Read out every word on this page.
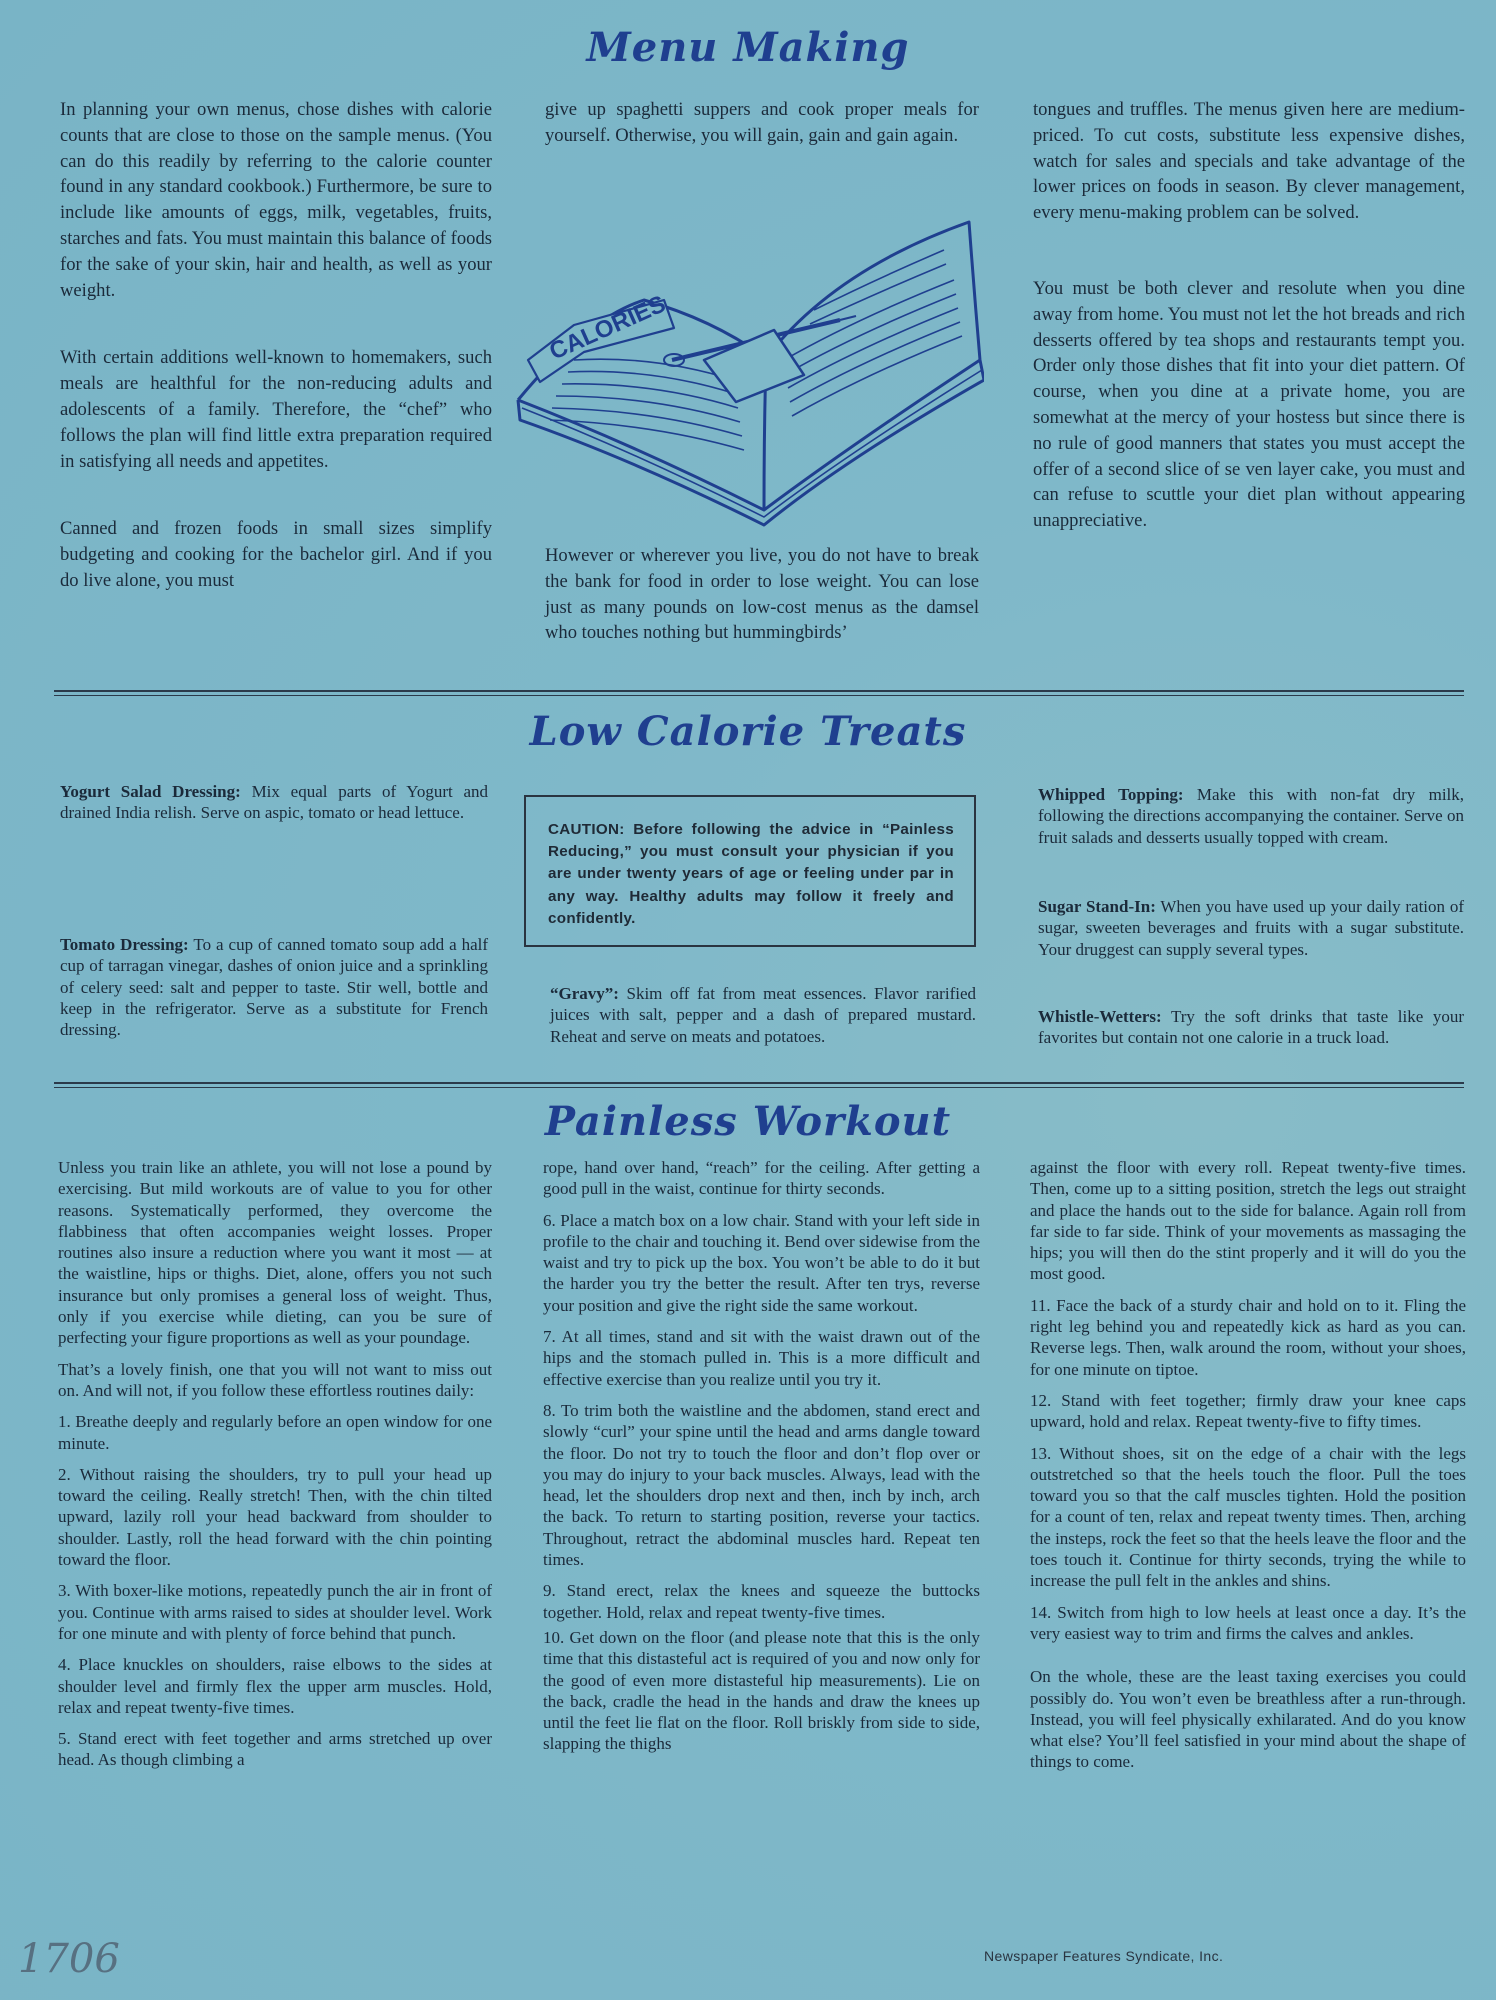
Menu Making

In planning your own menus, chose dishes with calorie counts that are close to those on the sample menus. (You can do this readily by referring to the calorie counter found in any standard cookbook.) Furthermore, be sure to include like amounts of eggs, milk, vegetables, fruits, starches and fats. You must maintain this balance of foods for the sake of your skin, hair and health, as well as your weight.

With certain additions well-known to homemakers, such meals are healthful for the non-reducing adults and adolescents of a family. Therefore, the “chef” who follows the plan will find little extra preparation required in satisfying all needs and appetites.

Canned and frozen foods in small sizes simplify budgeting and cooking for the bachelor girl. And if you do live alone, you must

give up spaghetti suppers and cook proper meals for yourself. Otherwise, you will gain, gain and gain again.

However or wherever you live, you do not have to break the bank for food in order to lose weight. You can lose just as many pounds on low-cost menus as the damsel who touches nothing but hummingbirds’

tongues and truffles. The menus given here are medium-priced. To cut costs, substitute less expensive dishes, watch for sales and specials and take advantage of the lower prices on foods in season. By clever management, every menu-making problem can be solved.

You must be both clever and resolute when you dine away from home. You must not let the hot breads and rich desserts offered by tea shops and restaurants tempt you. Order only those dishes that fit into your diet pattern. Of course, when you dine at a private home, you are somewhat at the mercy of your hostess but since there is no rule of good manners that states you must accept the offer of a second slice of se ven layer cake, you must and can refuse to scuttle your diet plan without appearing unappreciative.

CALORIES
Low Calorie Treats

Yogurt Salad Dressing: Mix equal parts of Yogurt and drained India relish. Serve on aspic, tomato or head lettuce.

Tomato Dressing: To a cup of canned tomato soup add a half cup of tarragan vinegar, dashes of onion juice and a sprinkling of celery seed: salt and pepper to taste. Stir well, bottle and keep in the refrigerator. Serve as a substitute for French dressing.

CAUTION: Before following the advice in “Painless Reducing,” you must consult your physician if you are under twenty years of age or feeling under par in any way. Healthy adults may follow it freely and confidently.

“Gravy”: Skim off fat from meat essences. Flavor rarified juices with salt, pepper and a dash of prepared mustard. Reheat and serve on meats and potatoes.

Whipped Topping: Make this with non-fat dry milk, following the directions accompanying the container. Serve on fruit salads and desserts usually topped with cream.

Sugar Stand-In: When you have used up your daily ration of sugar, sweeten beverages and fruits with a sugar substitute. Your druggest can supply several types.

Whistle-Wetters: Try the soft drinks that taste like your favorites but contain not one calorie in a truck load.

Painless Workout

Unless you train like an athlete, you will not lose a pound by exercising. But mild workouts are of value to you for other reasons. Systematically performed, they overcome the flabbiness that often accompanies weight losses. Proper routines also insure a reduction where you want it most — at the waistline, hips or thighs. Diet, alone, offers you not such insurance but only promises a general loss of weight. Thus, only if you exercise while dieting, can you be sure of perfecting your figure proportions as well as your poundage.

That’s a lovely finish, one that you will not want to miss out on. And will not, if you follow these effortless routines daily:

1. Breathe deeply and regularly before an open window for one minute.

2. Without raising the shoulders, try to pull your head up toward the ceiling. Really stretch! Then, with the chin tilted upward, lazily roll your head backward from shoulder to shoulder. Lastly, roll the head forward with the chin pointing toward the floor.

3. With boxer-like motions, repeatedly punch the air in front of you. Continue with arms raised to sides at shoulder level. Work for one minute and with plenty of force behind that punch.

4. Place knuckles on shoulders, raise elbows to the sides at shoulder level and firmly flex the upper arm muscles. Hold, relax and repeat twenty-five times.

5. Stand erect with feet together and arms stretched up over head. As though climbing a

rope, hand over hand, “reach” for the ceiling. After getting a good pull in the waist, continue for thirty seconds.

6. Place a match box on a low chair. Stand with your left side in profile to the chair and touching it. Bend over sidewise from the waist and try to pick up the box. You won’t be able to do it but the harder you try the better the result. After ten trys, reverse your position and give the right side the same workout.

7. At all times, stand and sit with the waist drawn out of the hips and the stomach pulled in. This is a more difficult and effective exercise than you realize until you try it.

8. To trim both the waistline and the abdomen, stand erect and slowly “curl” your spine until the head and arms dangle toward the floor. Do not try to touch the floor and don’t flop over or you may do injury to your back muscles. Always, lead with the head, let the shoulders drop next and then, inch by inch, arch the back. To return to starting position, reverse your tactics. Throughout, retract the abdominal muscles hard. Repeat ten times.

9. Stand erect, relax the knees and squeeze the buttocks together. Hold, relax and repeat twenty-five times.

10. Get down on the floor (and please note that this is the only time that this distasteful act is required of you and now only for the good of even more distasteful hip measurements). Lie on the back, cradle the head in the hands and draw the knees up until the feet lie flat on the floor. Roll briskly from side to side, slapping the thighs

against the floor with every roll. Repeat twenty-five times. Then, come up to a sitting position, stretch the legs out straight and place the hands out to the side for balance. Again roll from far side to far side. Think of your movements as massaging the hips; you will then do the stint properly and it will do you the most good.

11. Face the back of a sturdy chair and hold on to it. Fling the right leg behind you and repeatedly kick as hard as you can. Reverse legs. Then, walk around the room, without your shoes, for one minute on tiptoe.

12. Stand with feet together; firmly draw your knee caps upward, hold and relax. Repeat twenty-five to fifty times.

13. Without shoes, sit on the edge of a chair with the legs outstretched so that the heels touch the floor. Pull the toes toward you so that the calf muscles tighten. Hold the position for a count of ten, relax and repeat twenty times. Then, arching the insteps, rock the feet so that the heels leave the floor and the toes touch it. Continue for thirty seconds, trying the while to increase the pull felt in the ankles and shins.

14. Switch from high to low heels at least once a day. It’s the very easiest way to trim and firms the calves and ankles.

On the whole, these are the least taxing exercises you could possibly do. You won’t even be breathless after a run-through. Instead, you will feel physically exhilarated. And do you know what else? You’ll feel satisfied in your mind about the shape of things to come.

1706	Newspaper Features Syndicate, Inc.
